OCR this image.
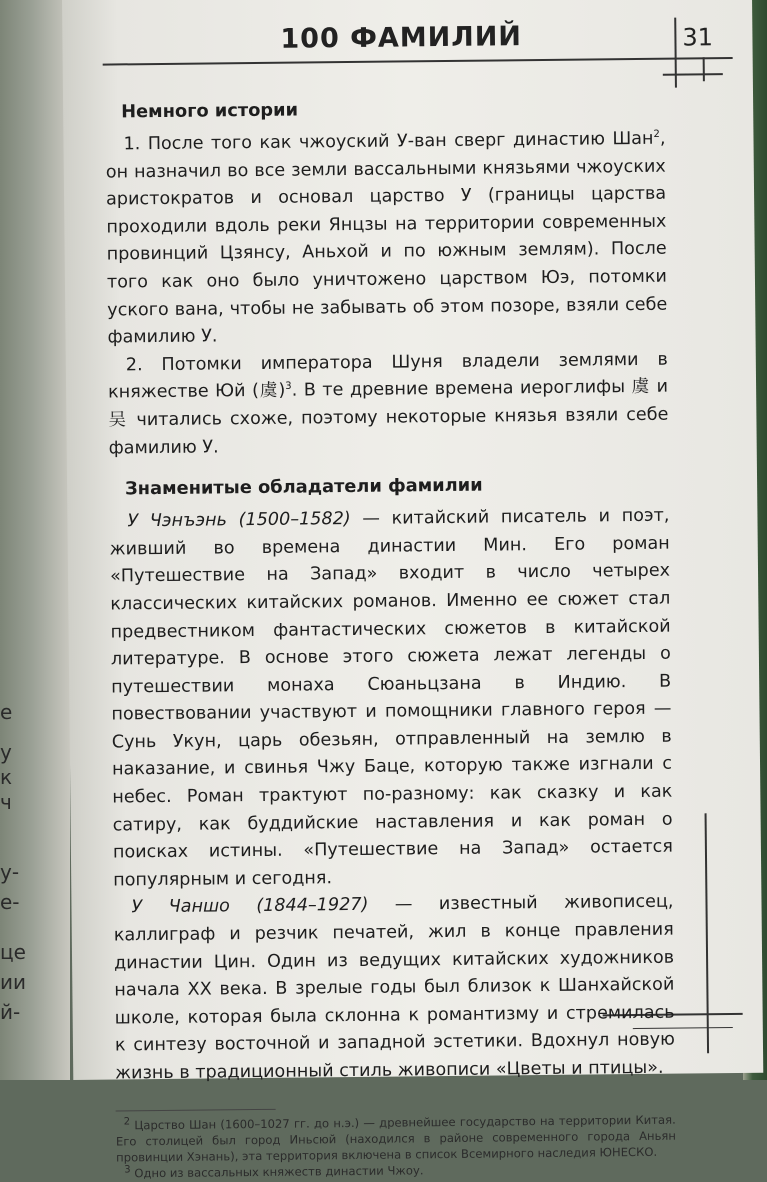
е
у
к
ч
у-
е-
це
ии
й-
100 ФАМИЛИЙ	31
Немного истории

1. После того как чжоуский У-ван сверг династию Шан$^2$, он назначил во все земли вассальными князьями чжоуских аристократов и основал царство У (границы царства проходили вдоль реки Янцзы на территории современных провинций Цзянсу, Аньхой и по южным землям). После того как оно было уничтожено царством Юэ, потомки уского вана, чтобы не забывать об этом позоре, взяли себе фамилию У.

2. Потомки императора Шуня владели землями в княжестве Юй (虞)$^3$. В те древние времена иероглифы 虞 и 吴 читались схоже, поэтому некоторые князья взяли себе фамилию У.

Знаменитые обладатели фамилии

У Чэнъэнь (1500–1582) — китайский писатель и поэт, живший во времена династии Мин. Его роман «Путешествие на Запад» входит в число четырех классических китайских романов. Именно ее сюжет стал предвестником фантастических сюжетов в китайской литературе. В основе этого сюжета лежат легенды о путешествии монаха Сюаньцзана в Индию. В повествовании участвуют и помощники главного героя — Сунь Укун, царь обезьян, отправленный на землю в наказание, и свинья Чжу Баце, которую также изгнали с небес. Роман трактуют по-разному: как сказку и как сатиру, как буддийские наставления и как роман о поисках истины. «Путешествие на Запад» остается популярным и сегодня.

У Чаншо (1844–1927) — известный живописец, каллиграф и резчик печатей, жил в конце правления династии Цин. Один из ведущих китайских художников начала XX века. В зрелые годы был близок к Шанхайской школе, которая была склонна к романтизму и стремилась к синтезу восточной и западной эстетики. Вдохнул новую жизнь в традиционный стиль живописи «Цветы и птицы».

$^2$ Царство Шан (1600–1027 гг. до н.э.) — древнейшее государство на территории Китая. Его столицей был город Иньсюй (находился в районе современного города Аньян провинции Хэнань), эта территория включена в список Всемирного наследия ЮНЕСКО.

$^3$ Одно из вассальных княжеств династии Чжоу.
